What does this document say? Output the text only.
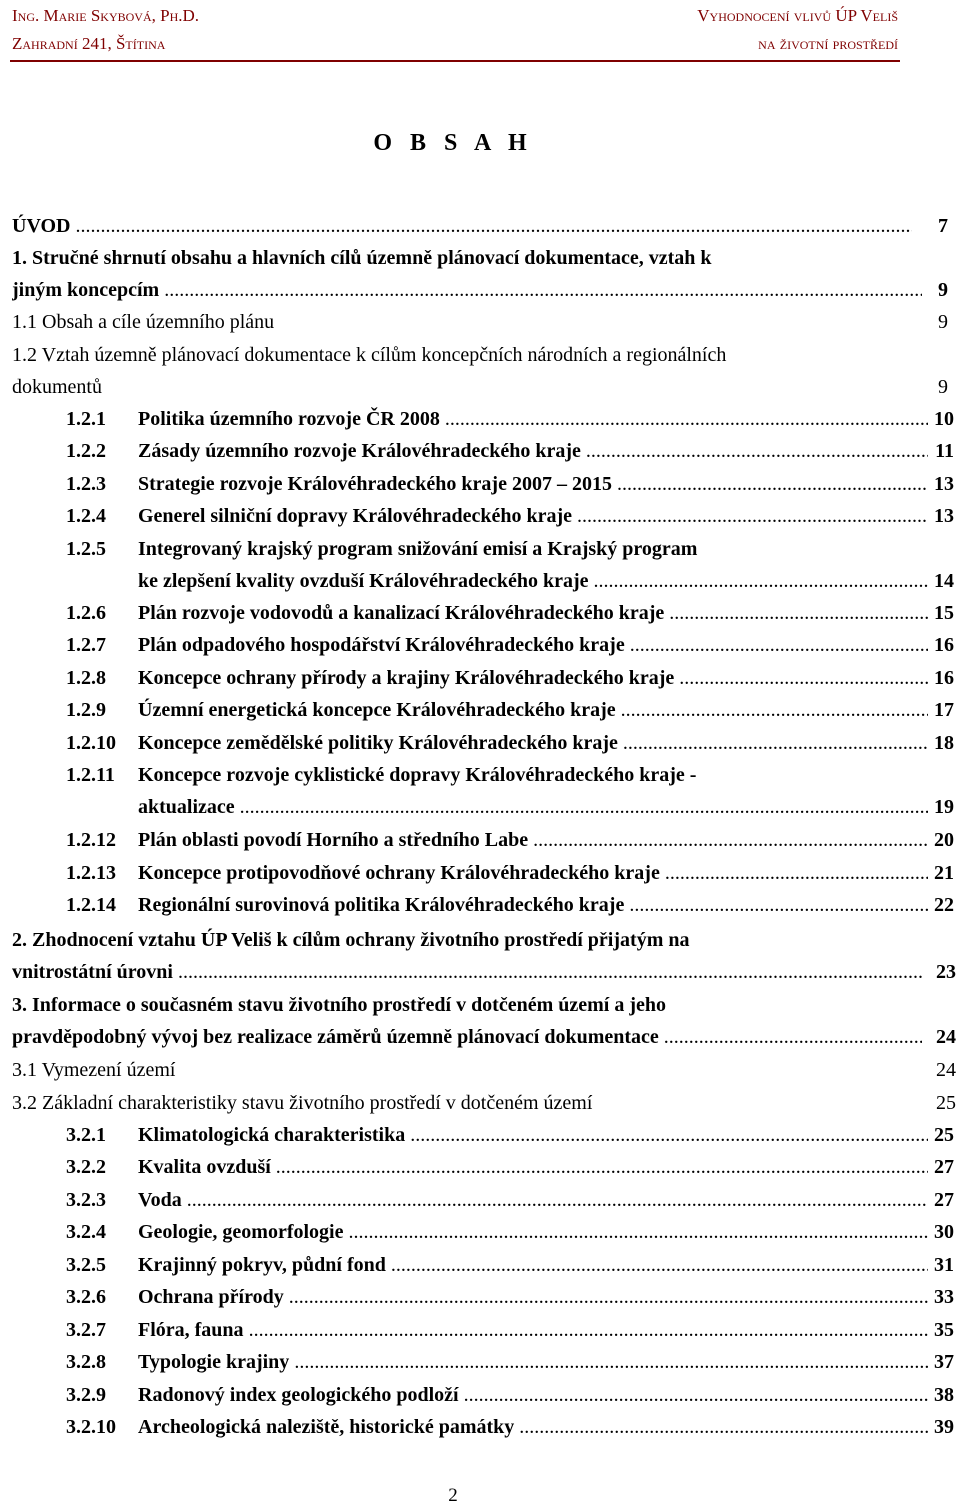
Ing. Marie Skybová, Ph.D.
Zahradní 241, Štítina
Vyhodnocení vlivů ÚP Veliš
na životní prostředí
O B S A H
ÚVOD .....	7
1. Stručné shrnutí obsahu a hlavních cílů územně plánovací dokumentace, vztah k
jiným koncepcím .....	9
1.1 Obsah a cíle územního plánu	9
1.2 Vztah územně plánovací dokumentace k cílům koncepčních národních a regionálních
dokumentů	9
1.2.1 Politika územního rozvoje ČR 2008 .....	10
1.2.2 Zásady územního rozvoje Královéhradeckého kraje .....	11
1.2.3 Strategie rozvoje Královéhradeckého kraje 2007 – 2015 .....	13
1.2.4 Generel silniční dopravy Královéhradeckého kraje .....	13
1.2.5 Integrovaný krajský program snižování emisí a Krajský program
ke zlepšení kvality ovzduší Královéhradeckého kraje .....	14
1.2.6 Plán rozvoje vodovodů a kanalizací Královéhradeckého kraje .....	15
1.2.7 Plán odpadového hospodářství Královéhradeckého kraje .....	16
1.2.8 Koncepce ochrany přírody a krajiny Královéhradeckého kraje .....	16
1.2.9 Územní energetická koncepce Královéhradeckého kraje .....	17
1.2.10 Koncepce zemědělské politiky Královéhradeckého kraje .....	18
1.2.11 Koncepce rozvoje cyklistické dopravy Královéhradeckého kraje -
aktualizace .....	19
1.2.12 Plán oblasti povodí Horního a středního Labe .....	20
1.2.13 Koncepce protipovodňové ochrany Královéhradeckého kraje .....	21
1.2.14 Regionální surovinová politika Královéhradeckého kraje .....	22
2. Zhodnocení vztahu ÚP Veliš k cílům ochrany životního prostředí přijatým na
vnitrostátní úrovni .....	23
3. Informace o současném stavu životního prostředí v dotčeném území a jeho
pravděpodobný vývoj bez realizace záměrů územně plánovací dokumentace .....	24
3.1 Vymezení území	24
3.2 Základní charakteristiky stavu životního prostředí v dotčeném území	25
3.2.1 Klimatologická charakteristika .....	25
3.2.2 Kvalita ovzduší .....	27
3.2.3 Voda .....	27
3.2.4 Geologie, geomorfologie .....	30
3.2.5 Krajinný pokryv, půdní fond .....	31
3.2.6 Ochrana přírody .....	33
3.2.7 Flóra, fauna .....	35
3.2.8 Typologie krajiny .....	37
3.2.9 Radonový index geologického podloží .....	38
3.2.10 Archeologická naleziště, historické památky .....	39
2
